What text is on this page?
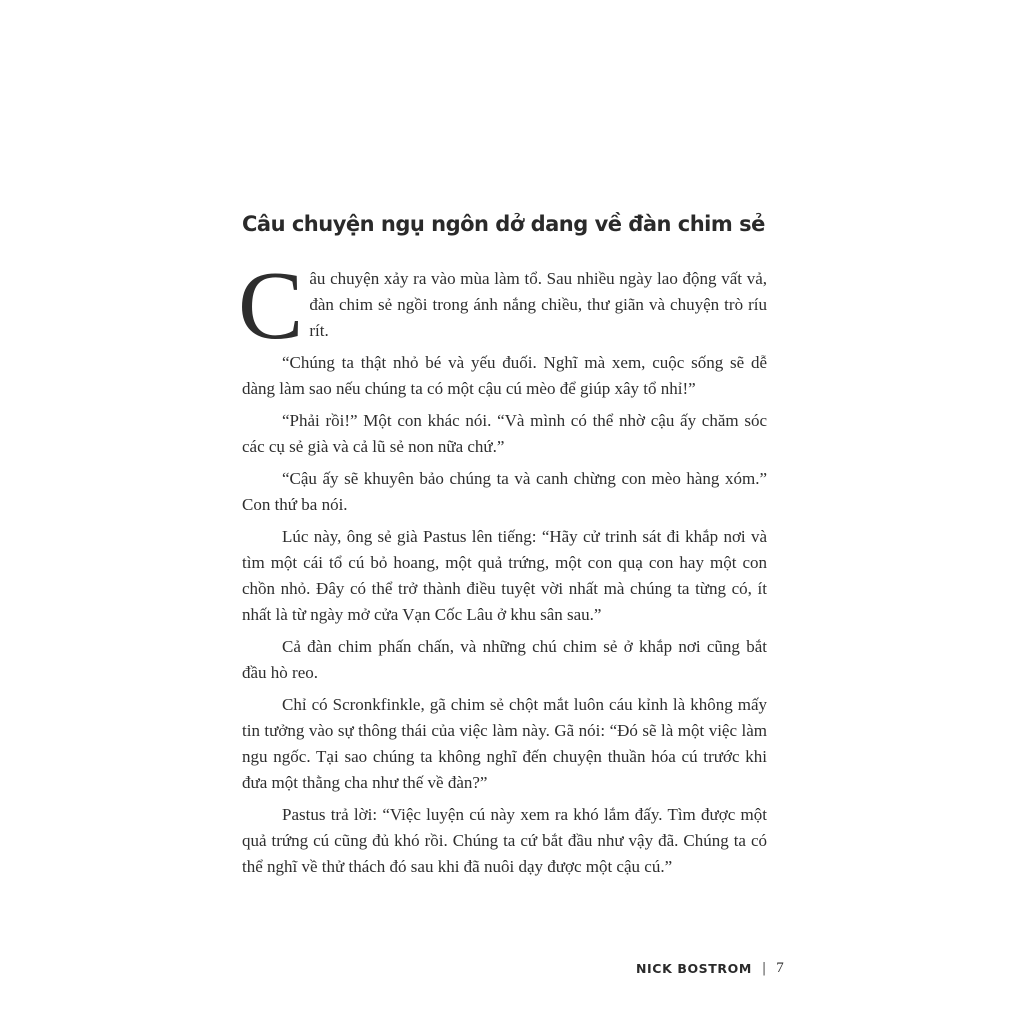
Câu chuyện ngụ ngôn dở dang về đàn chim sẻ

Câu chuyện xảy ra vào mùa làm tổ. Sau nhiều ngày lao động vất vả, đàn chim sẻ ngồi trong ánh nắng chiều, thư giãn và chuyện trò ríu rít.

“Chúng ta thật nhỏ bé và yếu đuối. Nghĩ mà xem, cuộc sống sẽ dễ dàng làm sao nếu chúng ta có một cậu cú mèo để giúp xây tổ nhỉ!”

“Phải rồi!” Một con khác nói. “Và mình có thể nhờ cậu ấy chăm sóc các cụ sẻ già và cả lũ sẻ non nữa chứ.”

“Cậu ấy sẽ khuyên bảo chúng ta và canh chừng con mèo hàng xóm.” Con thứ ba nói.

Lúc này, ông sẻ già Pastus lên tiếng: “Hãy cử trinh sát đi khắp nơi và tìm một cái tổ cú bỏ hoang, một quả trứng, một con quạ con hay một con chồn nhỏ. Đây có thể trở thành điều tuyệt vời nhất mà chúng ta từng có, ít nhất là từ ngày mở cửa Vạn Cốc Lâu ở khu sân sau.”

Cả đàn chim phấn chấn, và những chú chim sẻ ở khắp nơi cũng bắt đầu hò reo.

Chỉ có Scronkfinkle, gã chim sẻ chột mắt luôn cáu kỉnh là không mấy tin tưởng vào sự thông thái của việc làm này. Gã nói: “Đó sẽ là một việc làm ngu ngốc. Tại sao chúng ta không nghĩ đến chuyện thuần hóa cú trước khi đưa một thằng cha như thế về đàn?”

Pastus trả lời: “Việc luyện cú này xem ra khó lắm đấy. Tìm được một quả trứng cú cũng đủ khó rồi. Chúng ta cứ bắt đầu như vậy đã. Chúng ta có thể nghĩ về thử thách đó sau khi đã nuôi dạy được một cậu cú.”

NICK BOSTROM | 7
